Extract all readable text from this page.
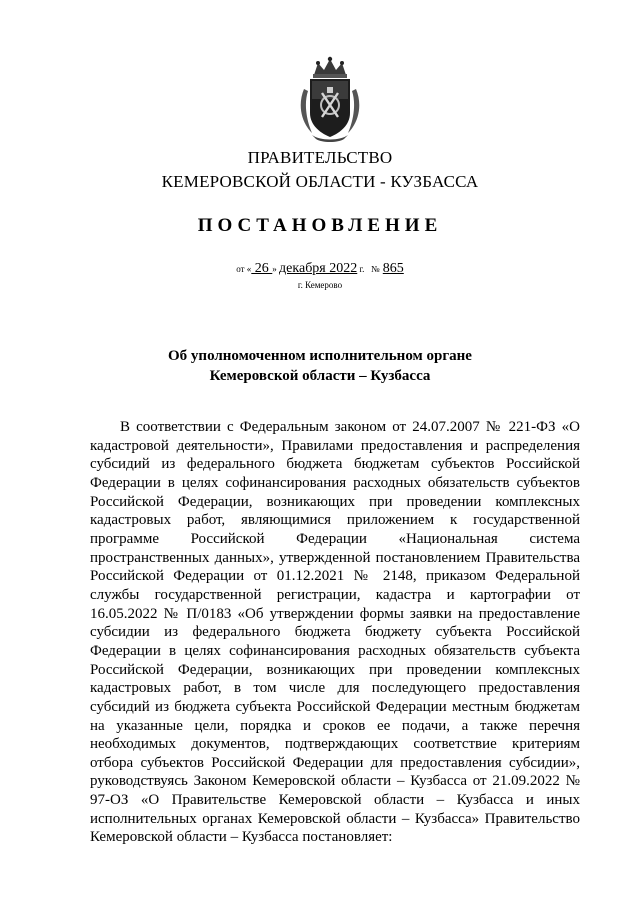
ПРАВИТЕЛЬСТВО
КЕМЕРОВСКОЙ ОБЛАСТИ - КУЗБАССА
ПОСТАНОВЛЕНИЕ
от « 26 » декабря 2022 г. № 865
г. Кемерово
Об уполномоченном исполнительном органе
Кемеровской области – Кузбасса
В соответствии с Федеральным законом от 24.07.2007 № 221-ФЗ «О кадастровой деятельности», Правилами предоставления и распределения субсидий из федерального бюджета бюджетам субъектов Российской Федерации в целях софинансирования расходных обязательств субъектов Российской Федерации, возникающих при проведении комплексных кадастровых работ, являющимися приложением к государственной программе Российской Федерации «Национальная система пространственных данных», утвержденной постановлением Правительства Российской Федерации от 01.12.2021 № 2148, приказом Федеральной службы государственной регистрации, кадастра и картографии от 16.05.2022 № П/0183 «Об утверждении формы заявки на предоставление субсидии из федерального бюджета бюджету субъекта Российской Федерации в целях софинансирования расходных обязательств субъекта Российской Федерации, возникающих при проведении комплексных кадастровых работ, в том числе для последующего предоставления субсидий из бюджета субъекта Российской Федерации местным бюджетам на указанные цели, порядка и сроков ее подачи, а также перечня необходимых документов, подтверждающих соответствие критериям отбора субъектов Российской Федерации для предоставления субсидии», руководствуясь Законом Кемеровской области – Кузбасса от 21.09.2022 № 97-ОЗ «О Правительстве Кемеровской области – Кузбасса и иных исполнительных органах Кемеровской области – Кузбасса» Правительство Кемеровской области – Кузбасса постановляет:
